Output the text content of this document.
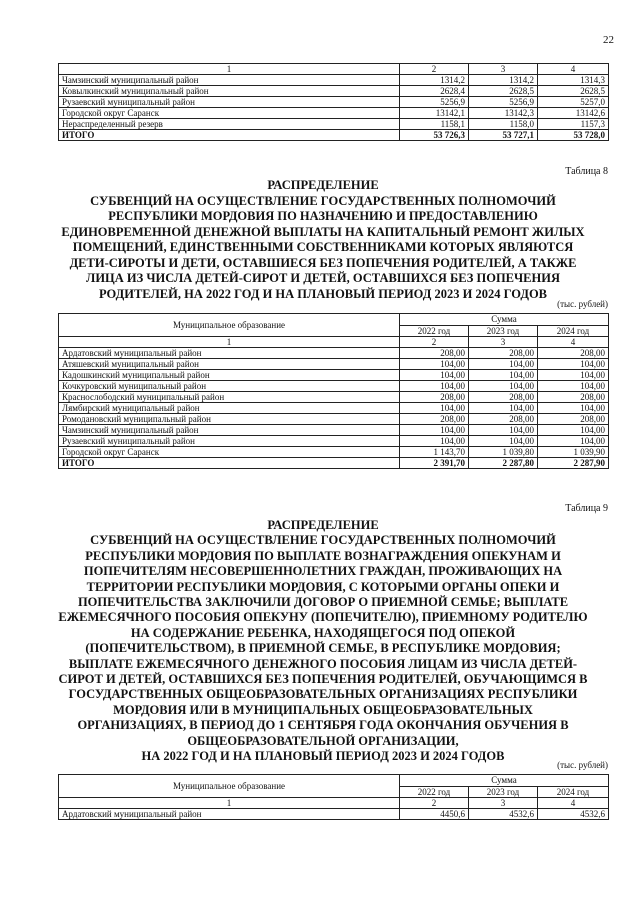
22
1	2	3	4
Чамзинский муниципальный район	1314,2	1314,2	1314,3
Ковылкинский муниципальный район	2628,4	2628,5	2628,5
Рузаевский муниципальный район	5256,9	5256,9	5257,0
Городской округ Саранск	13142,1	13142,3	13142,6
Нераспределенный резерв	1158,1	1158,0	1157,3
ИТОГО	53 726,3	53 727,1	53 728,0
Таблица 8
РАСПРЕДЕЛЕНИЕ
СУБВЕНЦИЙ НА ОСУЩЕСТВЛЕНИЕ ГОСУДАРСТВЕННЫХ ПОЛНОМОЧИЙ
РЕСПУБЛИКИ МОРДОВИЯ ПО НАЗНАЧЕНИЮ И ПРЕДОСТАВЛЕНИЮ
ЕДИНОВРЕМЕННОЙ ДЕНЕЖНОЙ ВЫПЛАТЫ НА КАПИТАЛЬНЫЙ РЕМОНТ ЖИЛЫХ
ПОМЕЩЕНИЙ, ЕДИНСТВЕННЫМИ СОБСТВЕННИКАМИ КОТОРЫХ ЯВЛЯЮТСЯ
ДЕТИ-СИРОТЫ И ДЕТИ, ОСТАВШИЕСЯ БЕЗ ПОПЕЧЕНИЯ РОДИТЕЛЕЙ, А ТАКЖЕ
ЛИЦА ИЗ ЧИСЛА ДЕТЕЙ-СИРОТ И ДЕТЕЙ, ОСТАВШИХСЯ БЕЗ ПОПЕЧЕНИЯ
РОДИТЕЛЕЙ, НА 2022 ГОД И НА ПЛАНОВЫЙ ПЕРИОД 2023 И 2024 ГОДОВ
(тыс. рублей)
Муниципальное образование	Сумма		
	2022 год	2023 год	2024 год
1	2	3	4
Ардатовский муниципальный район	208,00	208,00	208,00
Атяшевский муниципальный район	104,00	104,00	104,00
Кадошкинский муниципальный район	104,00	104,00	104,00
Кочкуровский муниципальный район	104,00	104,00	104,00
Краснослободский муниципальный район	208,00	208,00	208,00
Лямбирский муниципальный район	104,00	104,00	104,00
Ромодановский муниципальный район	208,00	208,00	208,00
Чамзинский муниципальный район	104,00	104,00	104,00
Рузаевский муниципальный район	104,00	104,00	104,00
Городской округ Саранск	1 143,70	1 039,80	1 039,90
ИТОГО	2 391,70	2 287,80	2 287,90
Таблица 9
РАСПРЕДЕЛЕНИЕ
СУБВЕНЦИЙ НА ОСУЩЕСТВЛЕНИЕ ГОСУДАРСТВЕННЫХ ПОЛНОМОЧИЙ
РЕСПУБЛИКИ МОРДОВИЯ ПО ВЫПЛАТЕ ВОЗНАГРАЖДЕНИЯ ОПЕКУНАМ И
ПОПЕЧИТЕЛЯМ НЕСОВЕРШЕННОЛЕТНИХ ГРАЖДАН, ПРОЖИВАЮЩИХ НА
ТЕРРИТОРИИ РЕСПУБЛИКИ МОРДОВИЯ, С КОТОРЫМИ ОРГАНЫ ОПЕКИ И
ПОПЕЧИТЕЛЬСТВА ЗАКЛЮЧИЛИ ДОГОВОР О ПРИЕМНОЙ СЕМЬЕ; ВЫПЛАТЕ
ЕЖЕМЕСЯЧНОГО ПОСОБИЯ ОПЕКУНУ (ПОПЕЧИТЕЛЮ), ПРИЕМНОМУ РОДИТЕЛЮ
НА СОДЕРЖАНИЕ РЕБЕНКА, НАХОДЯЩЕГОСЯ ПОД ОПЕКОЙ
(ПОПЕЧИТЕЛЬСТВОМ), В ПРИЕМНОЙ СЕМЬЕ, В РЕСПУБЛИКЕ МОРДОВИЯ;
ВЫПЛАТЕ ЕЖЕМЕСЯЧНОГО ДЕНЕЖНОГО ПОСОБИЯ ЛИЦАМ ИЗ ЧИСЛА ДЕТЕЙ-
СИРОТ И ДЕТЕЙ, ОСТАВШИХСЯ БЕЗ ПОПЕЧЕНИЯ РОДИТЕЛЕЙ, ОБУЧАЮЩИМСЯ В
ГОСУДАРСТВЕННЫХ ОБЩЕОБРАЗОВАТЕЛЬНЫХ ОРГАНИЗАЦИЯХ РЕСПУБЛИКИ
МОРДОВИЯ ИЛИ В МУНИЦИПАЛЬНЫХ ОБЩЕОБРАЗОВАТЕЛЬНЫХ
ОРГАНИЗАЦИЯХ, В ПЕРИОД ДО 1 СЕНТЯБРЯ ГОДА ОКОНЧАНИЯ ОБУЧЕНИЯ В
ОБЩЕОБРАЗОВАТЕЛЬНОЙ ОРГАНИЗАЦИИ,
НА 2022 ГОД И НА ПЛАНОВЫЙ ПЕРИОД 2023 И 2024 ГОДОВ
(тыс. рублей)
Муниципальное образование	Сумма		
	2022 год	2023 год	2024 год
1	2	3	4
Ардатовский муниципальный район	4450,6	4532,6	4532,6
